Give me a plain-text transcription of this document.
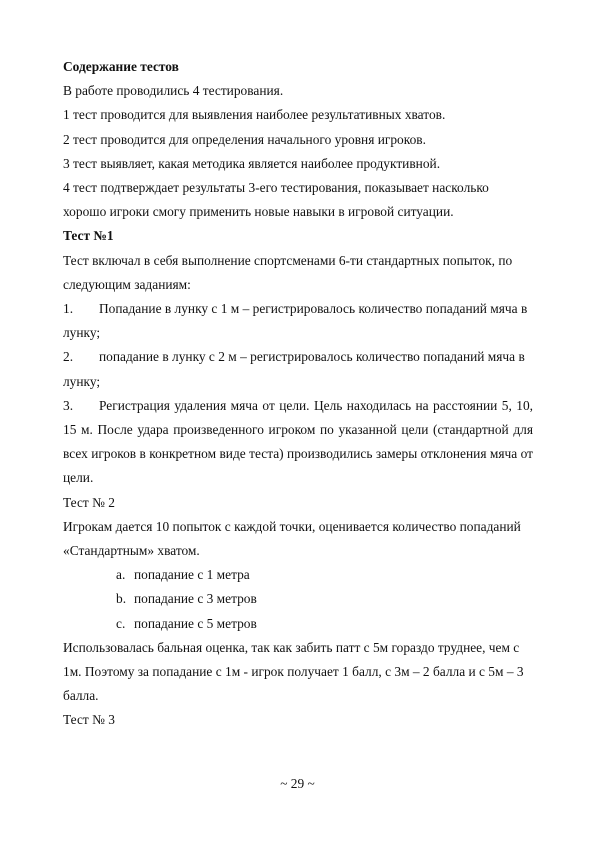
Содержание тестов

В работе проводились 4 тестирования.

1 тест проводится для выявления наиболее результативных хватов.

2 тест проводится для определения начального уровня игроков.

3 тест выявляет, какая методика является наиболее продуктивной.

4 тест подтверждает результаты 3-его тестирования, показывает насколько хорошо игроки смогу применить новые навыки в игровой ситуации.

Тест №1

Тест включал в себя выполнение спортсменами 6-ти стандартных попыток, по следующим заданиям:

1. Попадание в лунку с 1 м – регистрировалось количество попаданий мяча в лунку;

2. попадание в лунку с 2 м – регистрировалось количество попаданий мяча в лунку;

3. Регистрация удаления мяча от цели. Цель находилась на расстоянии 5, 10, 15 м. После удара произведенного игроком по указанной цели (стандартной для всех игроков в конкретном виде теста) производились замеры отклонения мяча от цели.

Тест № 2

Игрокам дается 10 попыток с каждой точки, оценивается количество попаданий «Стандартным» хватом.

a. попадание с 1 метра

b. попадание с 3 метров

c. попадание с 5 метров

Использовалась бальная оценка, так как забить патт с 5м гораздо труднее, чем с 1м. Поэтому за попадание с 1м - игрок получает 1 балл, с 3м – 2 балла и с 5м – 3 балла.

Тест № 3

~ 29 ~
